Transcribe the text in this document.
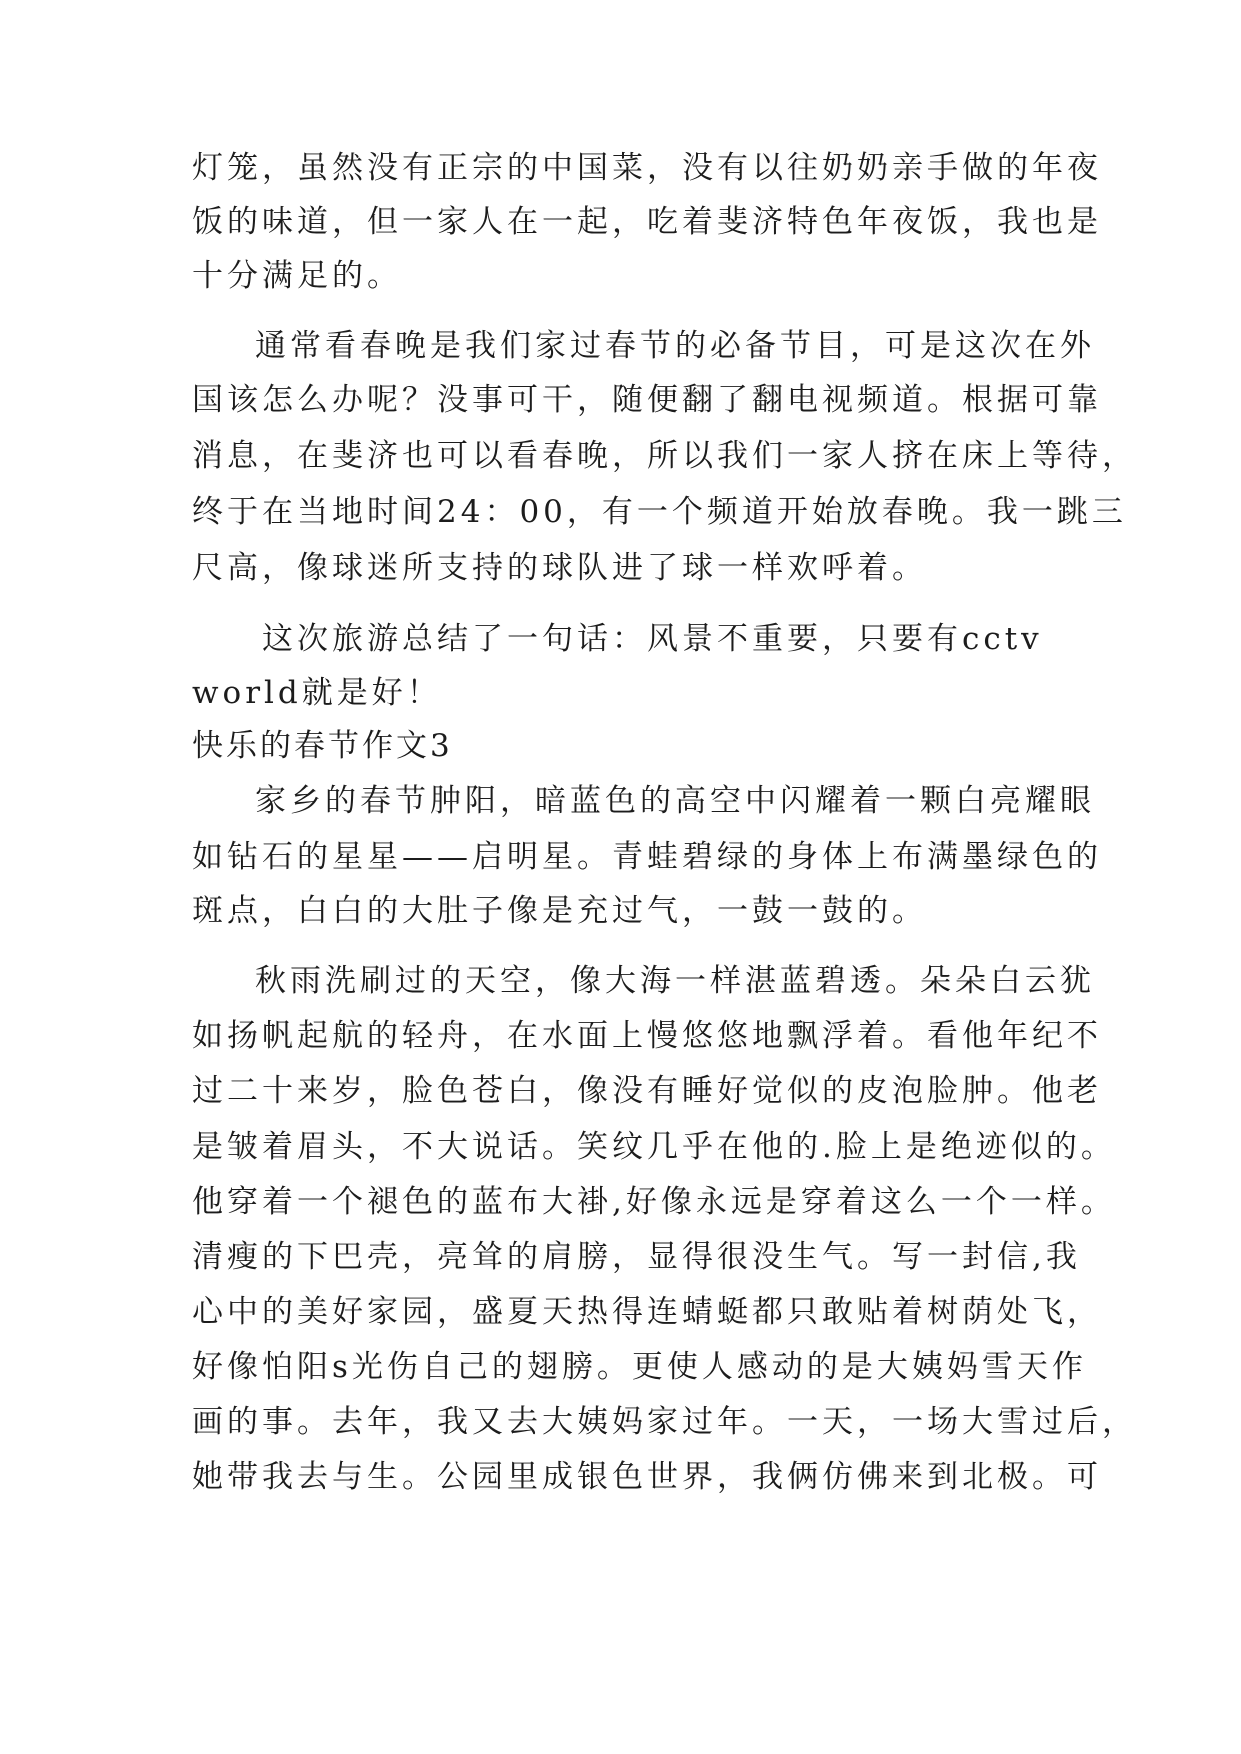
灯笼，虽然没有正宗的中国菜，没有以往奶奶亲手做的年夜
饭的味道，但一家人在一起，吃着斐济特色年夜饭，我也是
十分满足的。
通常看春晚是我们家过春节的必备节目，可是这次在外
国该怎么办呢？没事可干，随便翻了翻电视频道。根据可靠
消息，在斐济也可以看春晚，所以我们一家人挤在床上等待，
终于在当地时间24：00，有一个频道开始放春晚。我一跳三
尺高，像球迷所支持的球队进了球一样欢呼着。
这次旅游总结了一句话：风景不重要，只要有cctv
world就是好！
快乐的春节作文3
家乡的春节肿阳，暗蓝色的高空中闪耀着一颗白亮耀眼
如钻石的星星——启明星。青蛙碧绿的身体上布满墨绿色的
斑点，白白的大肚子像是充过气，一鼓一鼓的。
秋雨洗刷过的天空，像大海一样湛蓝碧透。朵朵白云犹
如扬帆起航的轻舟，在水面上慢悠悠地飘浮着。看他年纪不
过二十来岁，脸色苍白，像没有睡好觉似的皮泡脸肿。他老
是皱着眉头，不大说话。笑纹几乎在他的.脸上是绝迹似的。
他穿着一个褪色的蓝布大褂,好像永远是穿着这么一个一样。
清瘦的下巴壳，亮耸的肩膀，显得很没生气。写一封信,我
心中的美好家园，盛夏天热得连蜻蜓都只敢贴着树荫处飞，
好像怕阳s光伤自己的翅膀。更使人感动的是大姨妈雪天作
画的事。去年，我又去大姨妈家过年。一天，一场大雪过后，
她带我去与生。公园里成银色世界，我俩仿佛来到北极。可
